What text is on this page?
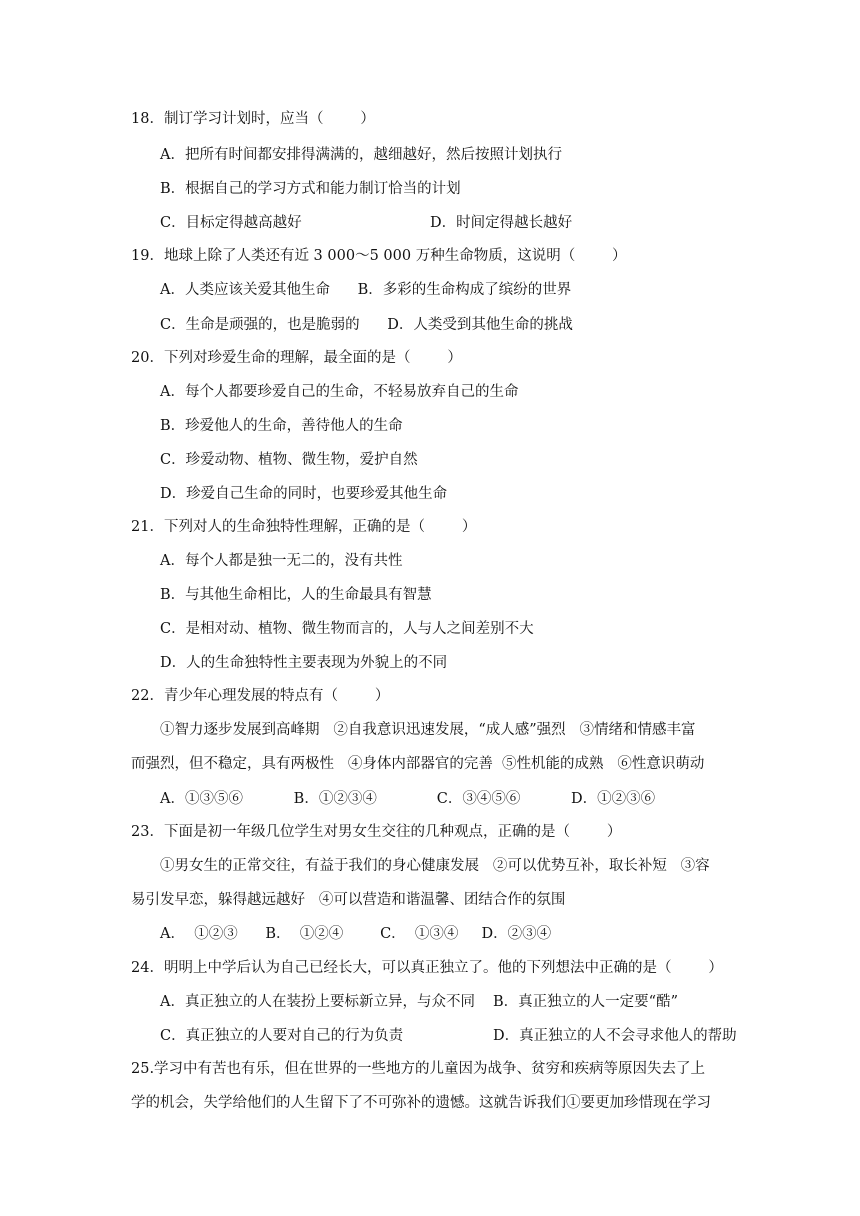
18．制订学习计划时，应当（        ）
A．把所有时间都安排得满满的，越细越好，然后按照计划执行
B．根据自己的学习方式和能力制订恰当的计划
C．目标定得越高越好	D．时间定得越长越好
19．地球上除了人类还有近 3 000～5 000 万种生命物质，这说明（        ）
A．人类应该关爱其他生命      B．多彩的生命构成了缤纷的世界
C．生命是顽强的，也是脆弱的      D．人类受到其他生命的挑战
20．下列对珍爱生命的理解，最全面的是（        ）
A．每个人都要珍爱自己的生命，不轻易放弃自己的生命
B．珍爱他人的生命，善待他人的生命
C．珍爱动物、植物、微生物，爱护自然
D．珍爱自己生命的同时，也要珍爱其他生命
21．下列对人的生命独特性理解，正确的是（        ）
A．每个人都是独一无二的，没有共性
B．与其他生命相比，人的生命最具有智慧
C．是相对动、植物、微生物而言的，人与人之间差别不大
D．人的生命独特性主要表现为外貌上的不同
22．青少年心理发展的特点有（        ）
①智力逐步发展到高峰期   ②自我意识迅速发展，“成人感”强烈   ③情绪和情感丰富
而强烈，但不稳定，具有两极性   ④身体内部器官的完善  ⑤性机能的成熟   ⑥性意识萌动
A．①③⑤⑥           B．①②③④             C．③④⑤⑥           D．①②③⑥
23．下面是初一年级几位学生对男女生交往的几种观点，正确的是（        ）
①男女生的正常交往，有益于我们的身心健康发展   ②可以优势互补，取长补短   ③容
易引发早恋，躲得越远越好   ④可以营造和谐温馨、团结合作的氛围
A．  ①②③      B．  ①②④        C．  ①③④     D．②③④
24．明明上中学后认为自己已经长大，可以真正独立了。他的下列想法中正确的是（        ）
A．真正独立的人在装扮上要标新立异，与众不同 B．真正独立的人一定要“酷”
C．真正独立的人要对自己的行为负责	D．真正独立的人不会寻求他人的帮助
25.学习中有苦也有乐，但在世界的一些地方的儿童因为战争、贫穷和疾病等原因失去了上
学的机会，失学给他们的人生留下了不可弥补的遗憾。这就告诉我们①要更加珍惜现在学习
